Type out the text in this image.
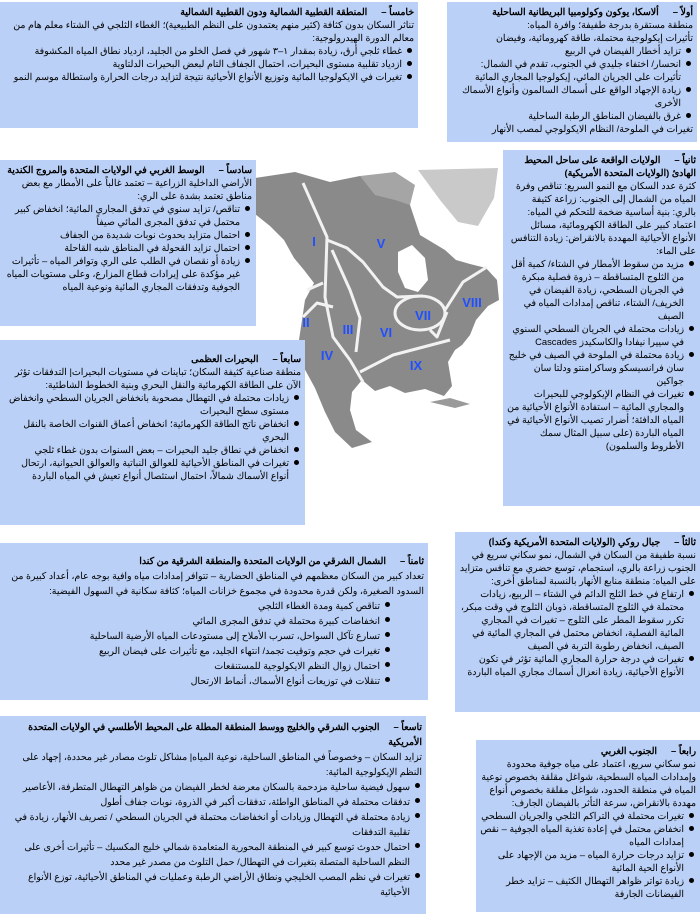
I
II	III
IV
V
VI
VII
VIII
IX
خامساً –المنطقة القطبية الشمالية ودون القطبية الشمالية
تناثر السكان بدون كثافة (كثير منهم يعتمدون على النظم الطبيعية)؛ الغطاء الثلجي في الشتاء معلم هام من معالم الدورة الهيدرولوجية:
غطاء ثلجي أرق، زيادة بمقدار ١–٣ شهور في فصل الخلو من الجليد، ازدياد نطاق المياه المكشوفة
ازدياد تقلبية مستوى البحيرات، احتمال الجفاف التام لبعض البحيرات الدلتاوية
تغيرات في الايكولوجيا المائية وتوزيع الأنواع الأحيائية نتيجة لتزايد درجات الحرارة واستطالة موسم النمو
أولاً –ألاسكا، يوكون وكولومبيا البريطانية الساحلية
منطقة مستقرة بدرجة طفيفة؛ وافرة المياه:
تأثيرات إيكولوجية محتملة، طاقة كهرومائية، وفيضان
تزايد أخطار الفيضان في الربيع
انحسار/ اختفاء جليدي في الجنوب، تقدم في الشمال: تأثيرات على الجريان المائي، إيكولوجيا المجاري المائية
زيادة الإجهاد الواقع على أسماك السالمون وأنواع الأسماك الأخرى
غرق بالفيضان المناطق الرطبة الساحلية
تغيرات في الملوحة/ النظام الايكولوجي لمصب الأنهار
سادساً –الوسط الغربي في الولايات المتحدة والمروج الكندية
الأراضي الداخلية الزراعية – تعتمد غالباً على الأمطار مع بعض مناطق تعتمد بشدة على الري:
تناقص/ تزايد سنوي في تدفق المجاري المائية؛ انخفاض كبير محتمل في تدفق المجرى المائي صيفاً
احتمال متزايد بحدوث نوبات شديدة من الجفاف
احتمال تزايد القحولة في المناطق شبه القاحلة
زيادة أو نقصان في الطلب على الري وتوافر المياه – تأثيرات غير مؤكدة على إيرادات قطاع المزارع، وعلى مستويات المياه الجوفية وتدفقات المجاري المائية ونوعية المياه
ثانياً –الولايات الواقعة على ساحل المحيط الهادئ (الولايات المتحدة الأمريكية)
كثرة عدد السكان مع النمو السريع: تناقص وفرة المياه من الشمال إلى الجنوب: زراعة كثيفة بالري: بنية أساسية ضخمة للتحكم في المياه: اعتماد كبير على الطاقة الكهرومائية، مسائل الأنواع الأحيائية المهددة بالانقراض: زيادة التنافس على الماء:
مزيد من سقوط الأمطار في الشتاء/ كمية أقل من الثلوج المتساقطة – ذروة فصلية مبكرة في الجريان السطحي، زيادة الفيضان في الخريف/ الشتاء، تناقص إمدادات المياه في الصيف
زيادات محتملة في الجريان السطحي السنوي في سييرا نيفادا والكاسكيدز Cascades
زيادة محتملة في الملوحة في الصيف في خليج سان فرانسيسكو وساكرامنتو ودلتا سان جواكين
تغيرات في النظام الإيكولوجي للبحيرات والمجاري المائية – استفادة الأنواع الأحيائية من المياه الدافئة؛ أضرار تصيب الأنواع الأحيائية في المياه الباردة (على سبيل المثال سمك الأطروط والسلمون)
سابعاً –البحيرات العظمى
منطقة صناعية كثيفة السكان؛ تباينات في مستويات البحيرات| التدفقات تؤثر الآن على الطاقة الكهرمائية والنقل البحري وبنية الخطوط الشاطئية:
زيادات محتملة في التهطال مصحوبة بانخفاض الجريان السطحي وانخفاض مستوى سطح البحيرات
انخفاض ناتج الطاقة الكهرمائية؛ انخفاض أعماق القنوات الخاصة بالنقل البحري
انخفاض في نطاق جليد البحيرات – بعض السنوات بدون غطاء ثلجي
تغيرات في المناطق الأحيائية للعوالق النباتية والعوالق الحيوانية، ارتحال أنواع الأسماك شمالاً، احتمال استئصال أنواع تعيش في المياه الباردة
ثالثاً –جبال روكي (الولايات المتحدة الأمريكية وكندا)
نسبة طفيفة من السكان في الشمال، نمو سكاني سريع في الجنوب زراعة بالري، استجمام، توسع حضري مع تنافس متزايد على المياه: منطقة منابع الأنهار بالنسبة لمناطق أخرى:
ارتفاع في خط الثلج الدائم في الشتاء – الربيع، زيادات محتملة في الثلوج المتساقطة، ذوبان الثلوج في وقت مبكر، تكرر سقوط المطر على الثلوج – تغيرات في المجاري المائية الفصلية، انخفاض محتمل في المجاري المائية في الصيف، انخفاض رطوبة التربة في الصيف
تغيرات في درجة حرارة المجاري المائية تؤثر في تكون الأنواع الأحيائية، زيادة انعزال أسماك مجاري المياه الباردة
ثامناً –الشمال الشرقي من الولايات المتحدة والمنطقة الشرقية من كندا
تعداد كبير من السكان معظمهم في المناطق الحضارية – تتوافر إمدادات مياه وافية بوجه عام، أعداد كبيرة من السدود الصغيرة، ولكن قدرة محدودة في مجموع خزانات المياه؛ كثافة سكانية في السهول الفيضية:
تناقص كمية ومدة الغطاء الثلجي
انخفاضات كبيرة محتملة في تدفق المجرى المائي
تسارع تآكل السواحل، تسرب الأملاح إلى مستودعات المياه الأرضية الساحلية
تغيرات في حجم وتوقيت تجمد/ انتهاء الجليد، مع تأثيرات على فيضان الربيع
احتمال زوال النظم الايكولوجية للمستنقعات
تنقلات في توزيعات أنواع الأسماك، أنماط الارتحال
تاسعاً –الجنوب الشرقي والخليج ووسط المنطقة المطلة على المحيط الأطلسي في الولايات المتحدة الأمريكية
تزايد السكان – وخصوصاً في المناطق الساحلية، نوعية المياه| مشاكل تلوث مصادر غير محددة، إجهاد على النظم الإيكولوجية المائية:
سهول فيضية ساحلية مزدحمة بالسكان معرضة لخطر الفيضان من ظواهر التهطال المتطرفة، الأعاصير
تدفقات محتملة في المناطق الواطئة، تدفقات أكبر في الذروة، نوبات جفاف أطول
زيادة محتملة في التهطال وزيادات أو انخفاضات محتملة في الجريان السطحي / تصريف الأنهار، زيادة في تقلبية التدفقات
احتمال حدوث توسع كبير في المنطقة المحورية المتعامدة شمالي خليج المكسيك – تأثيرات أخرى على النظم الساحلية المتصلة بتغيرات في التهطال/ حمل التلوث من مصدر غير محدد
تغيرات في نظم المصب الخليجي ونطاق الأراضي الرطبة وعمليات في المناطق الأحيائية، توزع الأنواع الأحيائية
رابعاً –الجنوب الغربي
نمو سكاني سريع، اعتماد على مياه جوفية محدودة وإمدادات المياه السطحية، شواغل مقلقة بخصوص نوعية المياه في منطقة الحدود، شواغل مقلقة بخصوص أنواع مهددة بالانقراض، سرعة التأثر بالفيضان الجارف:
تغيرات محتملة في التراكم الثلجي والجريان السطحي
انخفاض محتمل في إعادة تغذية المياه الجوفية – نقص إمدادات المياه
تزايد درجات حرارة المياه – مزيد من الإجهاد على الأنواع الحية المائية
زيادة تواتر ظواهر التهطال الكثيف – تزايد خطر الفيضانات الجارفة
